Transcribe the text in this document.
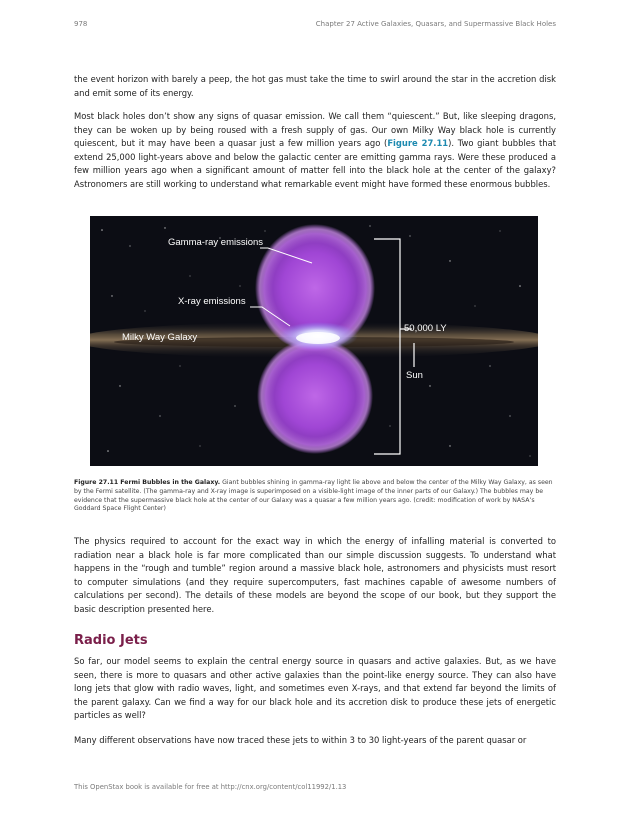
978	Chapter 27 Active Galaxies, Quasars, and Supermassive Black Holes

the event horizon with barely a peep, the hot gas must take the time to swirl around the star in the accretion disk and emit some of its energy.

Most black holes don’t show any signs of quasar emission. We call them “quiescent.” But, like sleeping dragons, they can be woken up by being roused with a fresh supply of gas. Our own Milky Way black hole is currently quiescent, but it may have been a quasar just a few million years ago (Figure 27.11). Two giant bubbles that extend 25,000 light-years above and below the galactic center are emitting gamma rays. Were these produced a few million years ago when a significant amount of matter fell into the black hole at the center of the galaxy? Astronomers are still working to understand what remarkable event might have formed these enormous bubbles.

Gamma-ray emissions
X-ray emissions
Milky Way Galaxy
50,000 LY
Sun
Figure 27.11 Fermi Bubbles in the Galaxy. Giant bubbles shining in gamma-ray light lie above and below the center of the Milky Way Galaxy, as seen by the Fermi satellite. (The gamma-ray and X-ray image is superimposed on a visible-light image of the inner parts of our Galaxy.) The bubbles may be evidence that the supermassive black hole at the center of our Galaxy was a quasar a few million years ago. (credit: modification of work by NASA’s Goddard Space Flight Center)

The physics required to account for the exact way in which the energy of infalling material is converted to radiation near a black hole is far more complicated than our simple discussion suggests. To understand what happens in the “rough and tumble” region around a massive black hole, astronomers and physicists must resort to computer simulations (and they require supercomputers, fast machines capable of awesome numbers of calculations per second). The details of these models are beyond the scope of our book, but they support the basic description presented here.

Radio Jets

So far, our model seems to explain the central energy source in quasars and active galaxies. But, as we have seen, there is more to quasars and other active galaxies than the point-like energy source. They can also have long jets that glow with radio waves, light, and sometimes even X-rays, and that extend far beyond the limits of the parent galaxy. Can we find a way for our black hole and its accretion disk to produce these jets of energetic particles as well?

Many different observations have now traced these jets to within 3 to 30 light-years of the parent quasar or

This OpenStax book is available for free at http://cnx.org/content/col11992/1.13
